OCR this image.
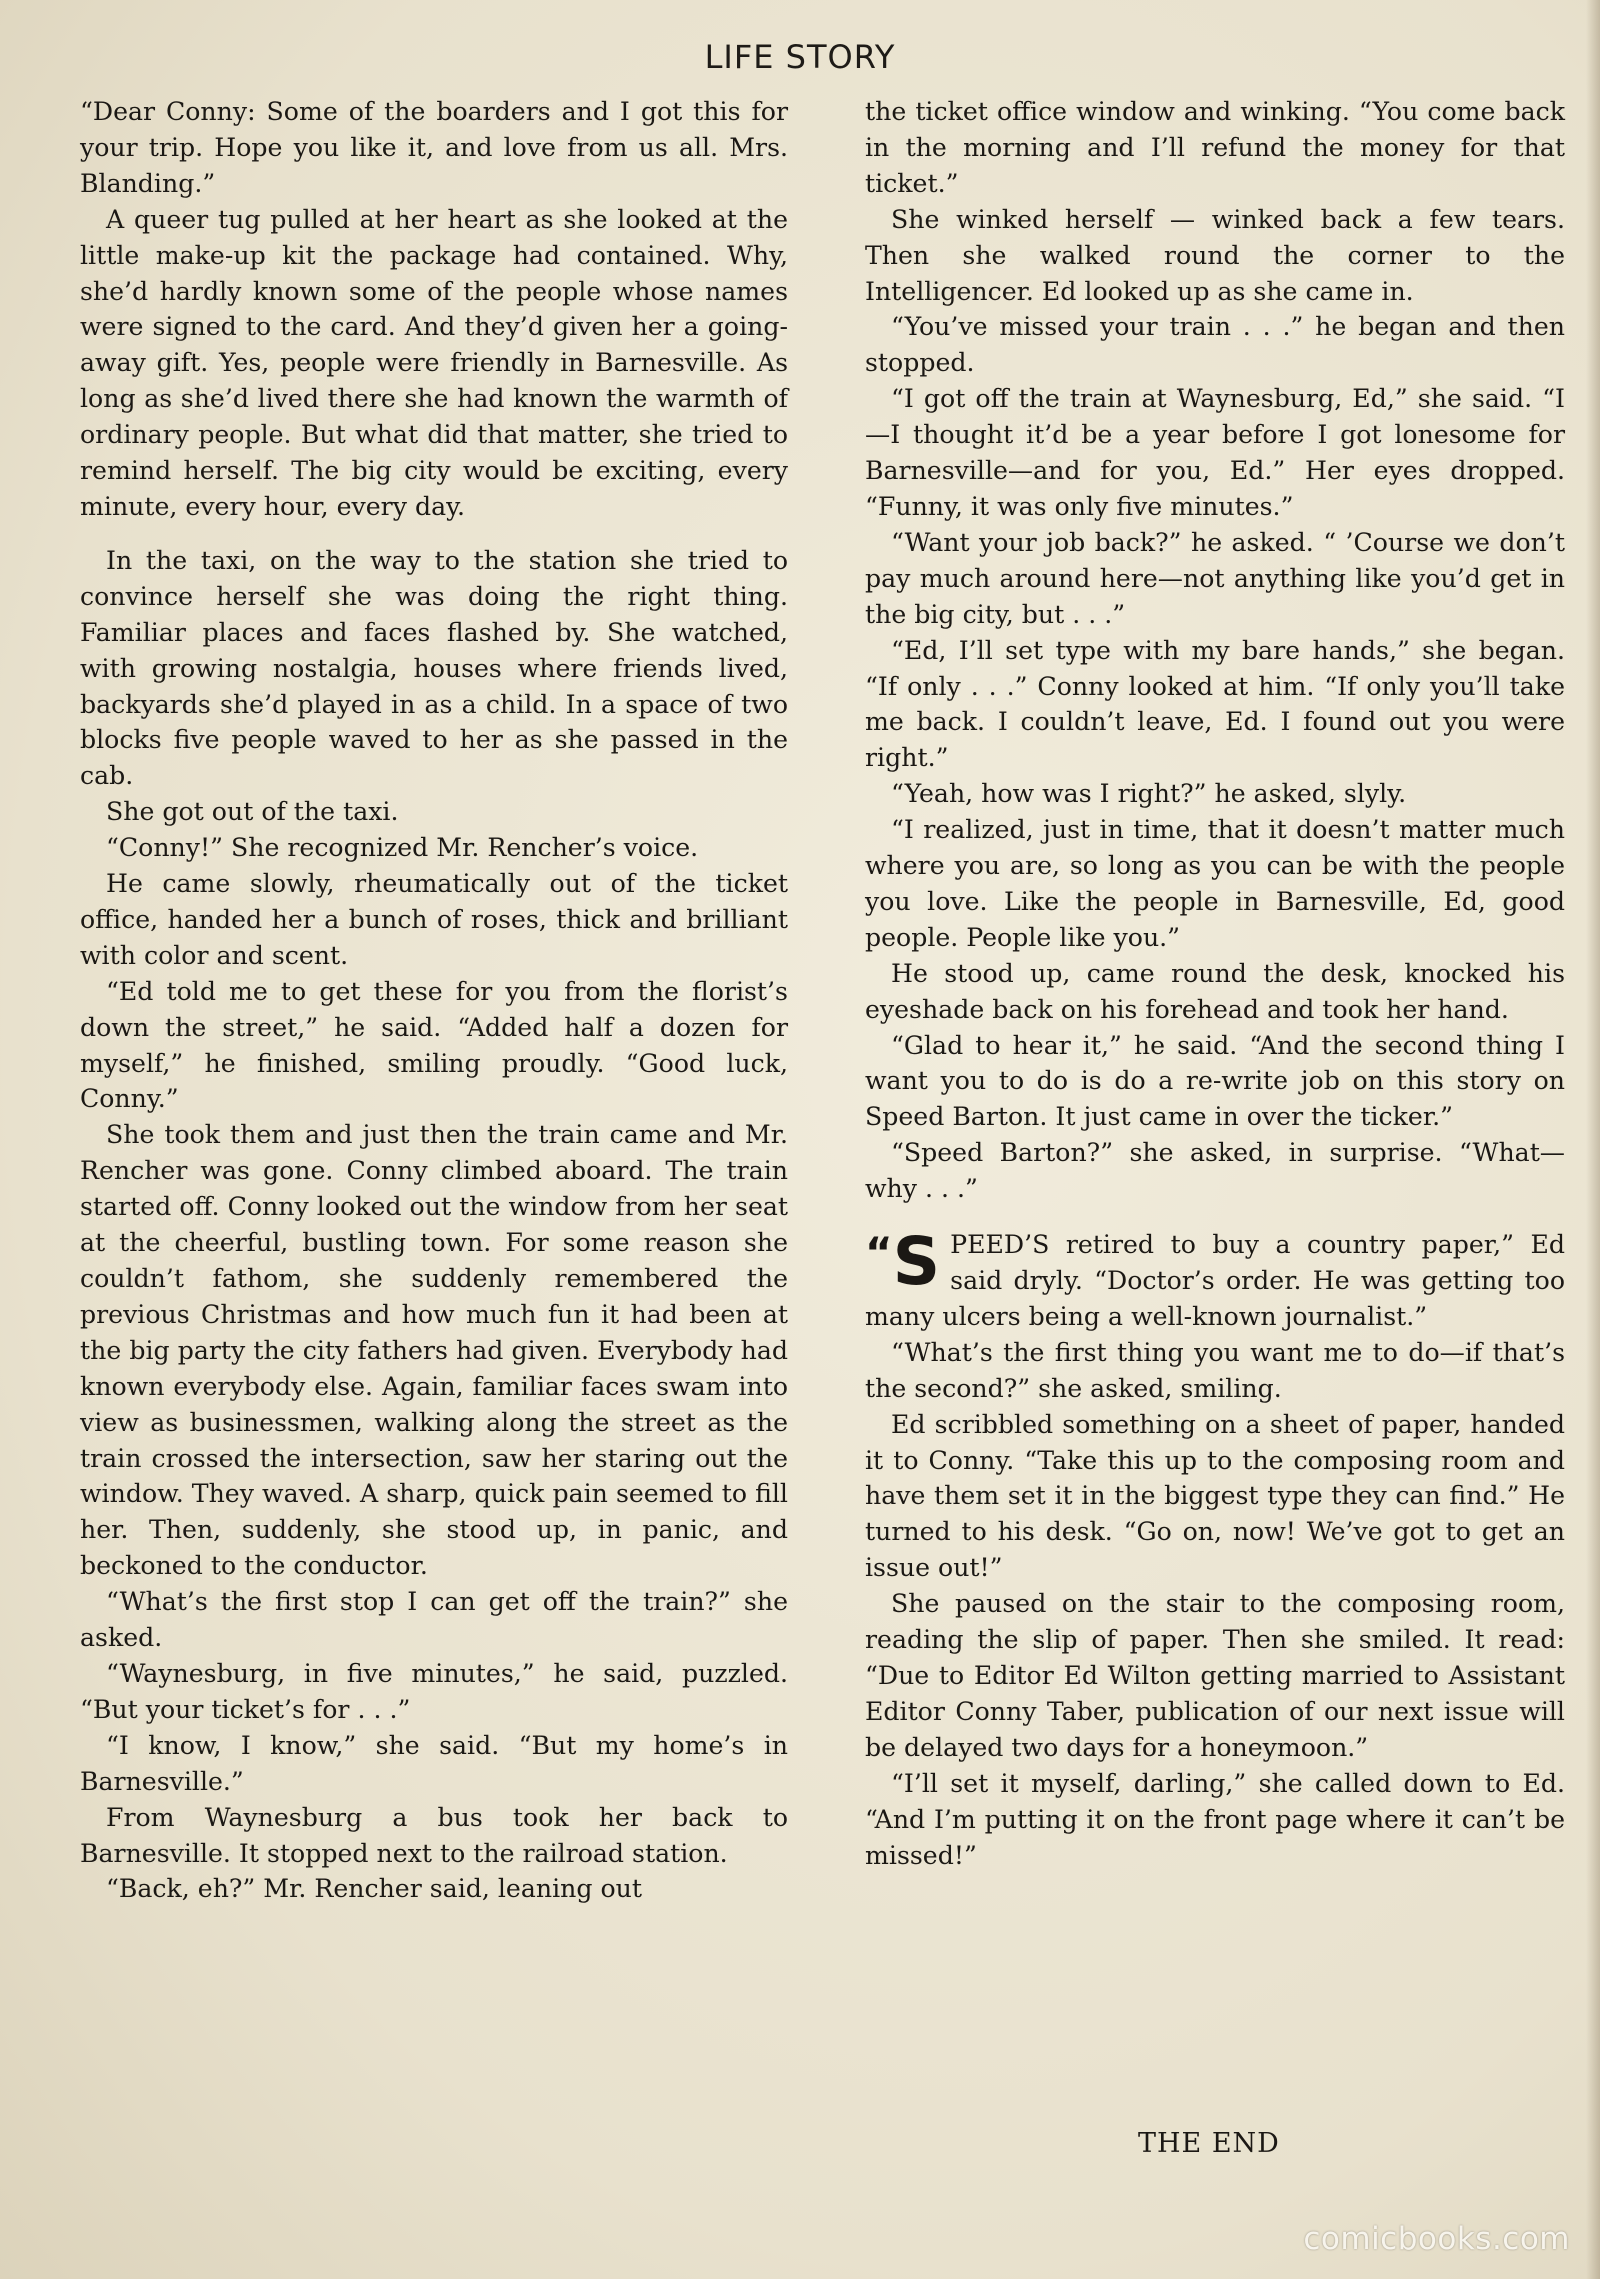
LIFE STORY

“Dear Conny: Some of the boarders and I got this for your trip. Hope you like it, and love from us all. Mrs. Blanding.”

A queer tug pulled at her heart as she looked at the little make-up kit the package had contained. Why, she’d hardly known some of the people whose names were signed to the card. And they’d given her a going-away gift. Yes, people were friendly in Barnesville. As long as she’d lived there she had known the warmth of ordinary people. But what did that matter, she tried to remind herself. The big city would be exciting, every minute, every hour, every day.

In the taxi, on the way to the station she tried to convince herself she was doing the right thing. Familiar places and faces flashed by. She watched, with growing nostalgia, houses where friends lived, backyards she’d played in as a child. In a space of two blocks five people waved to her as she passed in the cab.

She got out of the taxi.

“Conny!” She recognized Mr. Rencher’s voice.

He came slowly, rheumatically out of the ticket office, handed her a bunch of roses, thick and brilliant with color and scent.

“Ed told me to get these for you from the florist’s down the street,” he said. “Added half a dozen for myself,” he finished, smiling proudly. “Good luck, Conny.”

She took them and just then the train came and Mr. Rencher was gone. Conny climbed aboard. The train started off. Conny looked out the window from her seat at the cheerful, bustling town. For some reason she couldn’t fathom, she suddenly remembered the previous Christmas and how much fun it had been at the big party the city fathers had given. Everybody had known everybody else. Again, familiar faces swam into view as businessmen, walking along the street as the train crossed the intersection, saw her staring out the window. They waved. A sharp, quick pain seemed to fill her. Then, suddenly, she stood up, in panic, and beckoned to the conductor.

“What’s the first stop I can get off the train?” she asked.

“Waynesburg, in five minutes,” he said, puzzled. “But your ticket’s for . . .”

“I know, I know,” she said. “But my home’s in Barnesville.”

From Waynesburg a bus took her back to Barnesville. It stopped next to the railroad station.

“Back, eh?” Mr. Rencher said, leaning out

the ticket office window and winking. “You come back in the morning and I’ll refund the money for that ticket.”

She winked herself — winked back a few tears. Then she walked round the corner to the Intelligencer. Ed looked up as she came in.

“You’ve missed your train . . .” he began and then stopped.

“I got off the train at Waynesburg, Ed,” she said. “I—I thought it’d be a year before I got lonesome for Barnesville—and for you, Ed.” Her eyes dropped. “Funny, it was only five minutes.”

“Want your job back?” he asked. “ ’Course we don’t pay much around here—not anything like you’d get in the big city, but . . .”

“Ed, I’ll set type with my bare hands,” she began. “If only . . .” Conny looked at him. “If only you’ll take me back. I couldn’t leave, Ed. I found out you were right.”

“Yeah, how was I right?” he asked, slyly.

“I realized, just in time, that it doesn’t matter much where you are, so long as you can be with the people you love. Like the people in Barnesville, Ed, good people. People like you.”

He stood up, came round the desk, knocked his eyeshade back on his forehead and took her hand.

“Glad to hear it,” he said. “And the second thing I want you to do is do a re-write job on this story on Speed Barton. It just came in over the ticker.”

“Speed Barton?” she asked, in surprise. “What—why . . .”

“S PEED’S retired to buy a country paper,” Ed said dryly. “Doctor’s order. He was getting too many ulcers being a well-known journalist.”

“What’s the first thing you want me to do—if that’s the second?” she asked, smiling.

Ed scribbled something on a sheet of paper, handed it to Conny. “Take this up to the composing room and have them set it in the biggest type they can find.” He turned to his desk. “Go on, now! We’ve got to get an issue out!”

She paused on the stair to the composing room, reading the slip of paper. Then she smiled. It read: “Due to Editor Ed Wilton getting married to Assistant Editor Conny Taber, publication of our next issue will be delayed two days for a honeymoon.”

“I’ll set it myself, darling,” she called down to Ed. “And I’m putting it on the front page where it can’t be missed!”

THE END
comicbooks.com
